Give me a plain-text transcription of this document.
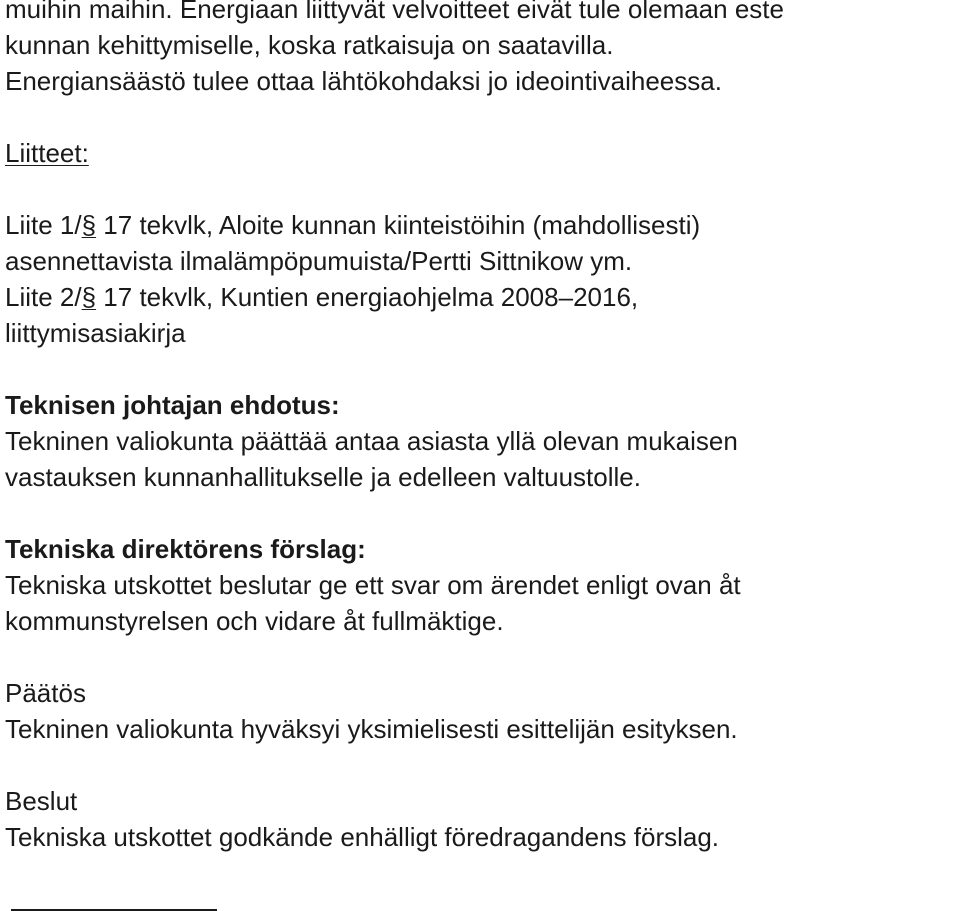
muihin maihin. Energiaan liittyvät velvoitteet eivät tule olemaan este
kunnan kehittymiselle, koska ratkaisuja on saatavilla.
Energiansäästö tulee ottaa lähtökohdaksi jo ideointivaiheessa.
Liitteet:
Liite 1/§ 17 tekvlk, Aloite kunnan kiinteistöihin (mahdollisesti)
asennettavista ilmalämpöpumuista/Pertti Sittnikow ym.
Liite 2/§ 17 tekvlk, Kuntien energiaohjelma 2008–2016,
liittymisasiakirja
Teknisen johtajan ehdotus:
Tekninen valiokunta päättää antaa asiasta yllä olevan mukaisen
vastauksen kunnanhallitukselle ja edelleen valtuustolle.
Tekniska direktörens förslag:
Tekniska utskottet beslutar ge ett svar om ärendet enligt ovan åt
kommunstyrelsen och vidare åt fullmäktige.
Päätös
Tekninen valiokunta hyväksyi yksimielisesti esittelijän esityksen.
Beslut
Tekniska utskottet godkände enhälligt föredragandens förslag.
